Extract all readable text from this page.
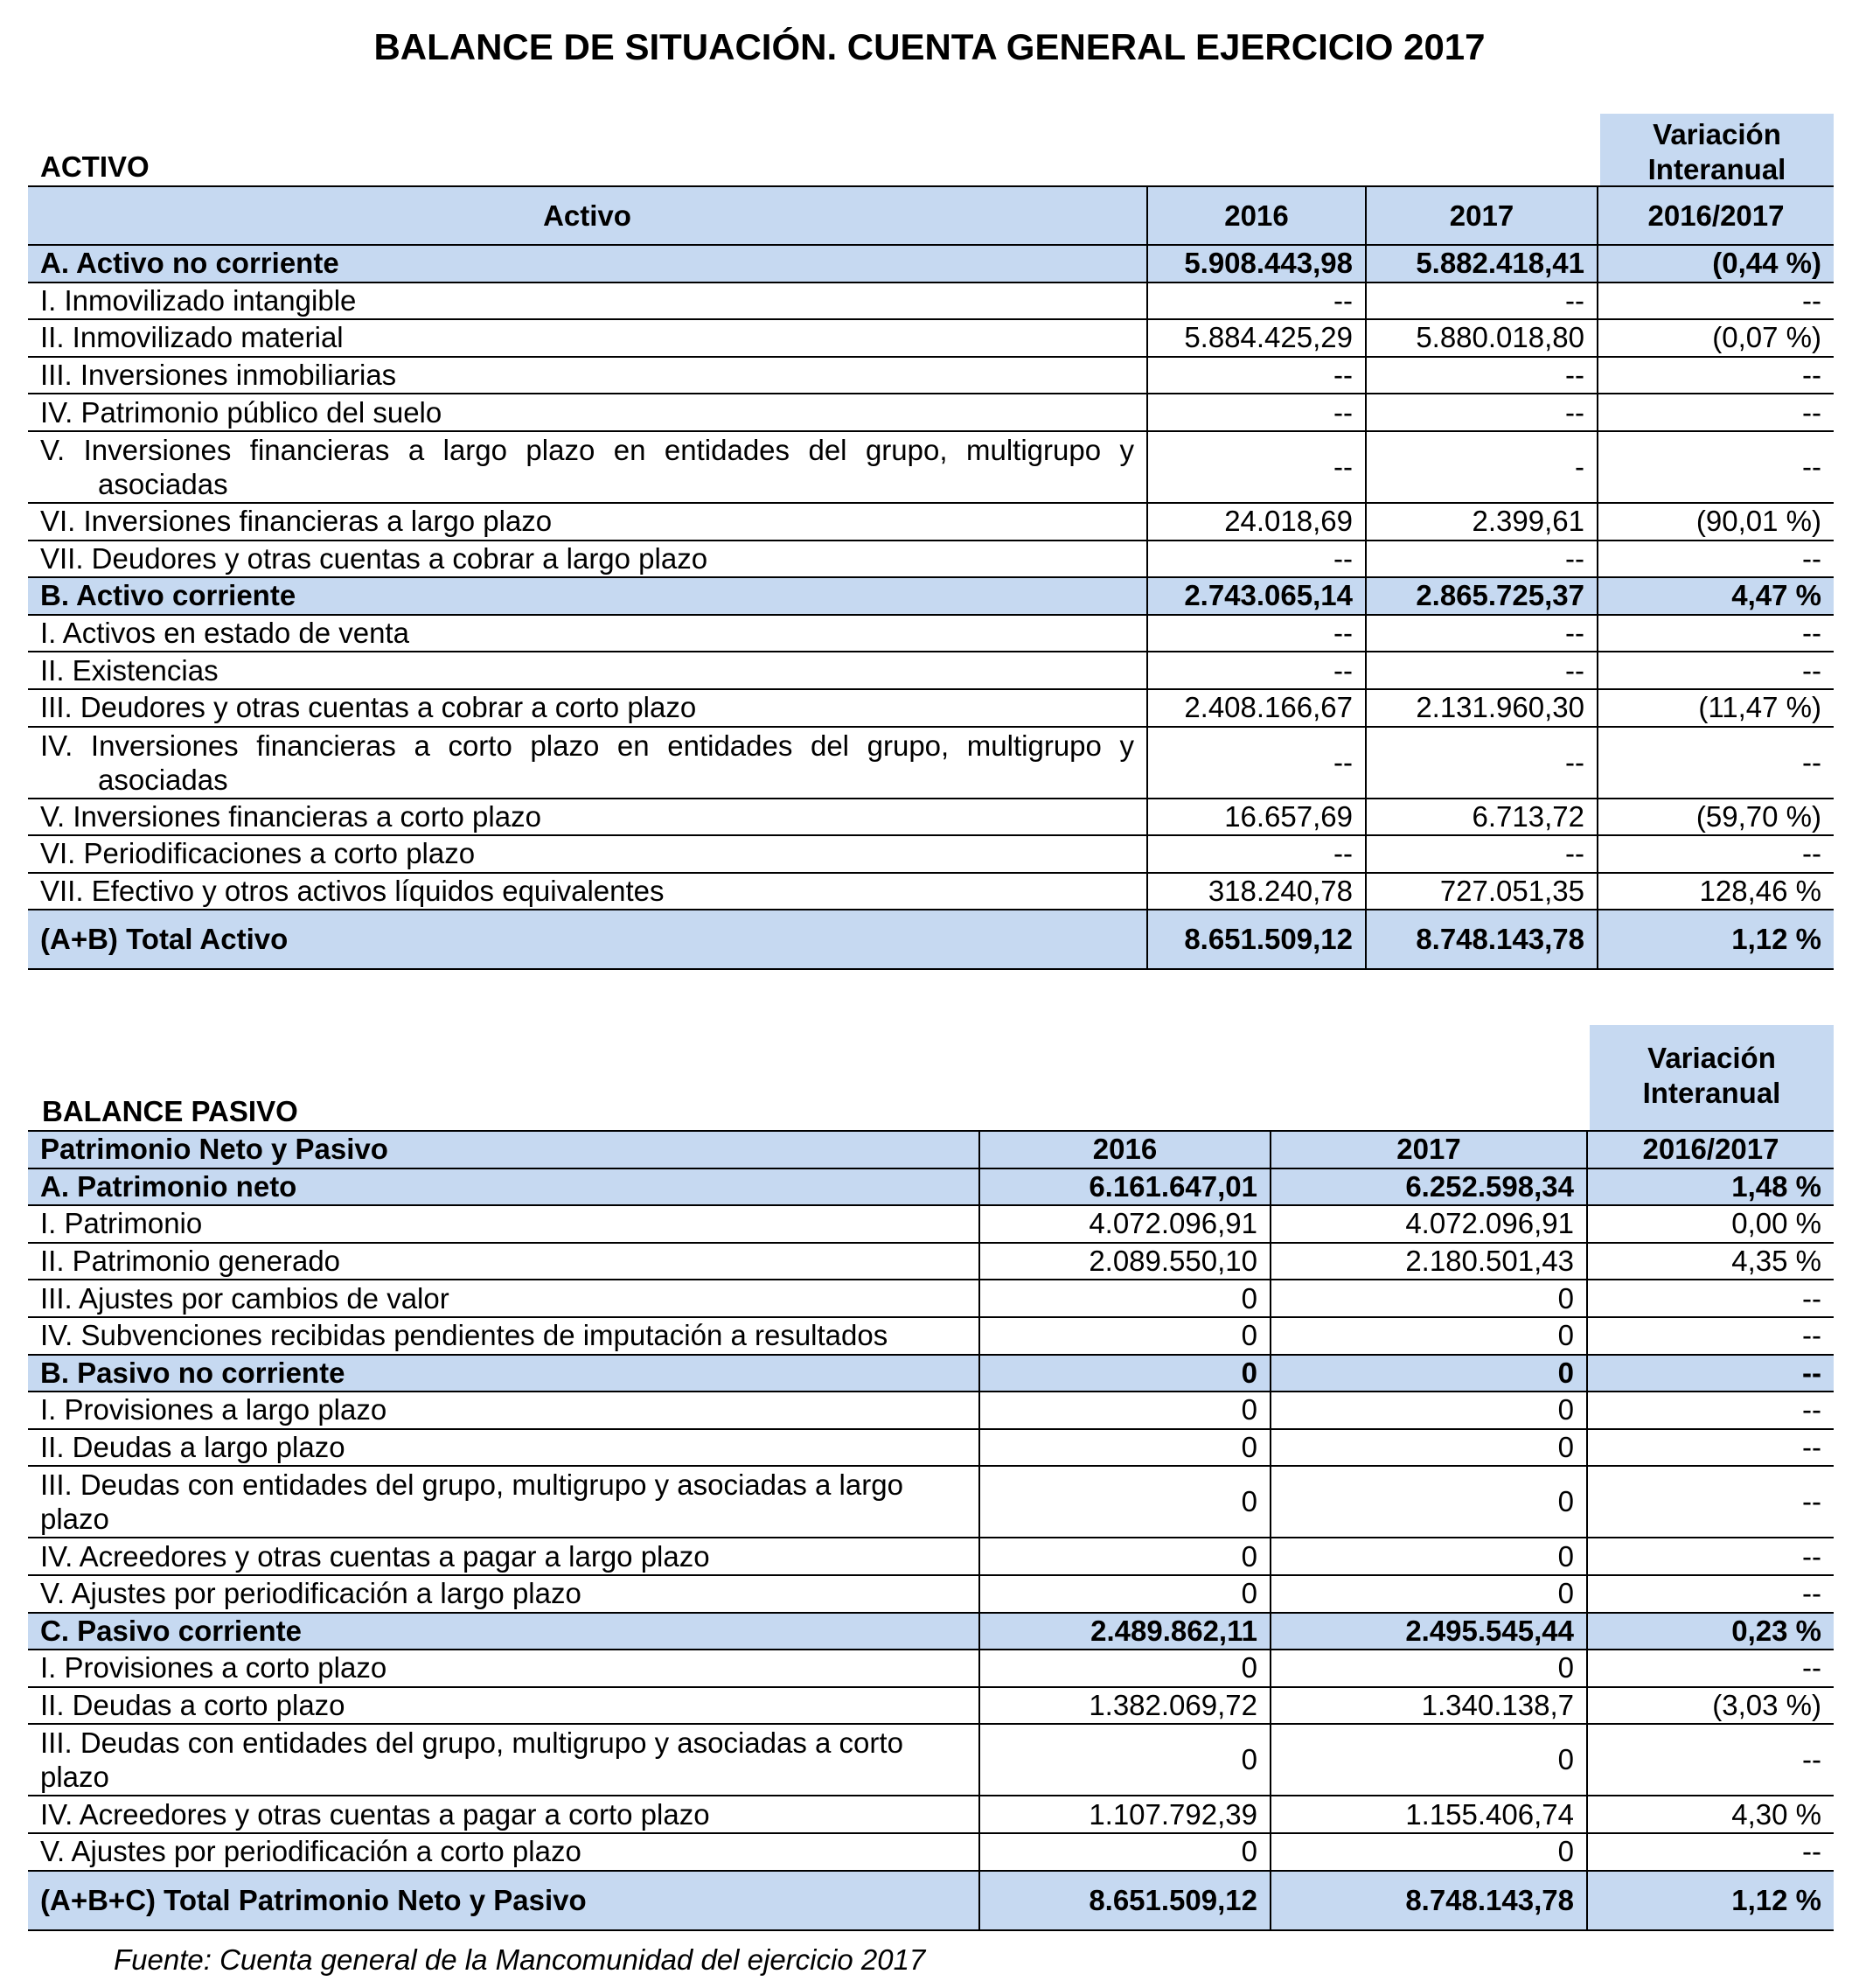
BALANCE DE SITUACIÓN. CUENTA GENERAL EJERCICIO 2017
ACTIVO
Variación
Interanual
Activo	2016	2017	2016/2017
A. Activo no corriente	5.908.443,98	5.882.418,41	(0,44 %)
I. Inmovilizado intangible	--	--	--
II. Inmovilizado material	5.884.425,29	5.880.018,80	(0,07 %)
III. Inversiones inmobiliarias	--	--	--
IV. Patrimonio público del suelo	--	--	--
V. Inversiones financieras a largo plazo en entidades del grupo, multigrupo y asociadas	--	-	--
VI. Inversiones financieras a largo plazo	24.018,69	2.399,61	(90,01 %)
VII. Deudores y otras cuentas a cobrar a largo plazo	--	--	--
B. Activo corriente	2.743.065,14	2.865.725,37	4,47 %
I. Activos en estado de venta	--	--	--
II. Existencias	--	--	--
III. Deudores y otras cuentas a cobrar a corto plazo	2.408.166,67	2.131.960,30	(11,47 %)
IV. Inversiones financieras a corto plazo en entidades del grupo, multigrupo y asociadas	--	--	--
V. Inversiones financieras a corto plazo	16.657,69	6.713,72	(59,70 %)
VI. Periodificaciones a corto plazo	--	--	--
VII. Efectivo y otros activos líquidos equivalentes	318.240,78	727.051,35	128,46 %
(A+B) Total Activo	8.651.509,12	8.748.143,78	1,12 %
BALANCE PASIVO
Variación
Interanual
Patrimonio Neto y Pasivo	2016	2017	2016/2017
A. Patrimonio neto	6.161.647,01	6.252.598,34	1,48 %
I. Patrimonio	4.072.096,91	4.072.096,91	0,00 %
II. Patrimonio generado	2.089.550,10	2.180.501,43	4,35 %
III. Ajustes por cambios de valor	0	0	--
IV. Subvenciones recibidas pendientes de imputación a resultados	0	0	--
B. Pasivo no corriente	0	0	--
I. Provisiones a largo plazo	0	0	--
II. Deudas a largo plazo	0	0	--
III. Deudas con entidades del grupo, multigrupo y asociadas a largo plazo	0	0	--
IV. Acreedores y otras cuentas a pagar a largo plazo	0	0	--
V. Ajustes por periodificación a largo plazo	0	0	--
C. Pasivo corriente	2.489.862,11	2.495.545,44	0,23 %
I. Provisiones a corto plazo	0	0	--
II. Deudas a corto plazo	1.382.069,72	1.340.138,7	(3,03 %)
III. Deudas con entidades del grupo, multigrupo y asociadas a corto plazo	0	0	--
IV. Acreedores y otras cuentas a pagar a corto plazo	1.107.792,39	1.155.406,74	4,30 %
V. Ajustes por periodificación a corto plazo	0	0	--
(A+B+C) Total Patrimonio Neto y Pasivo	8.651.509,12	8.748.143,78	1,12 %
Fuente: Cuenta general de la Mancomunidad del ejercicio 2017
